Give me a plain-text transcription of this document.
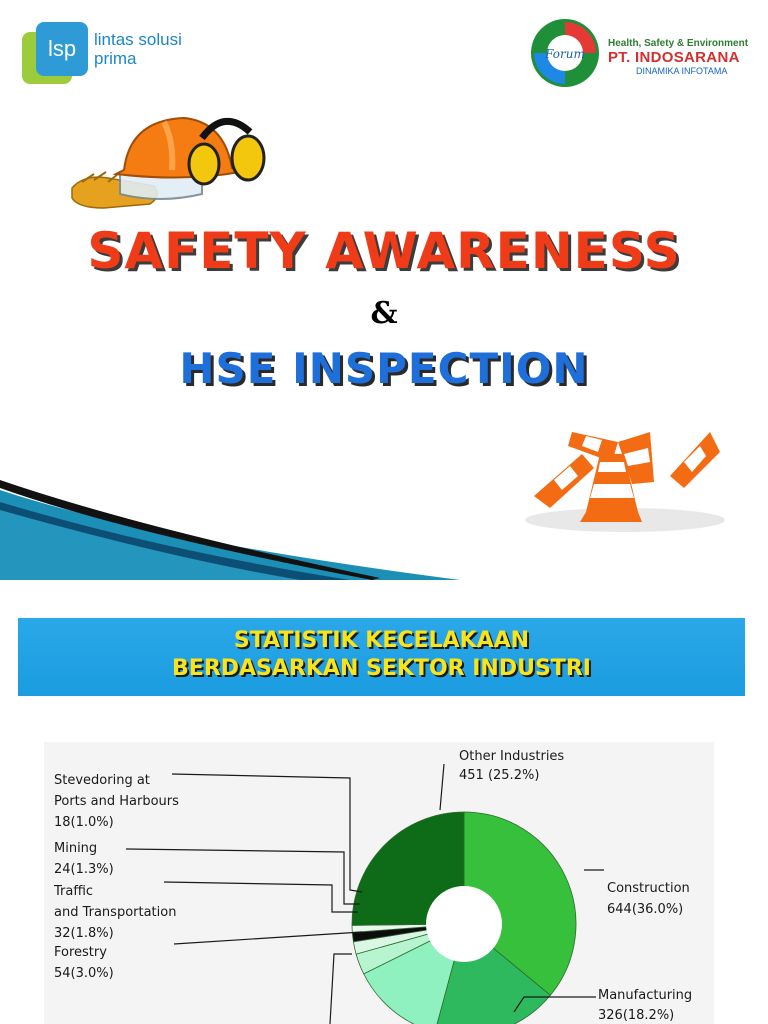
lsp	lintas solusi
prima	Forum
Health, Safety & Environment
PT. INDOSARANA
DINAMIKA INFOTAMA
SAFETY AWARENESS
&
HSE INSPECTION
STATISTIK KECELAKAAN
BERDASARKAN SEKTOR INDUSTRI
Other Industries
451 (25.2%)
Stevedoring at
Ports and Harbours
18(1.0%)
Mining
24(1.3%)
Traffic
and Transportation
32(1.8%)
Forestry
54(3.0%)
Construction
644(36.0%)
Manufacturing
326(18.2%)
